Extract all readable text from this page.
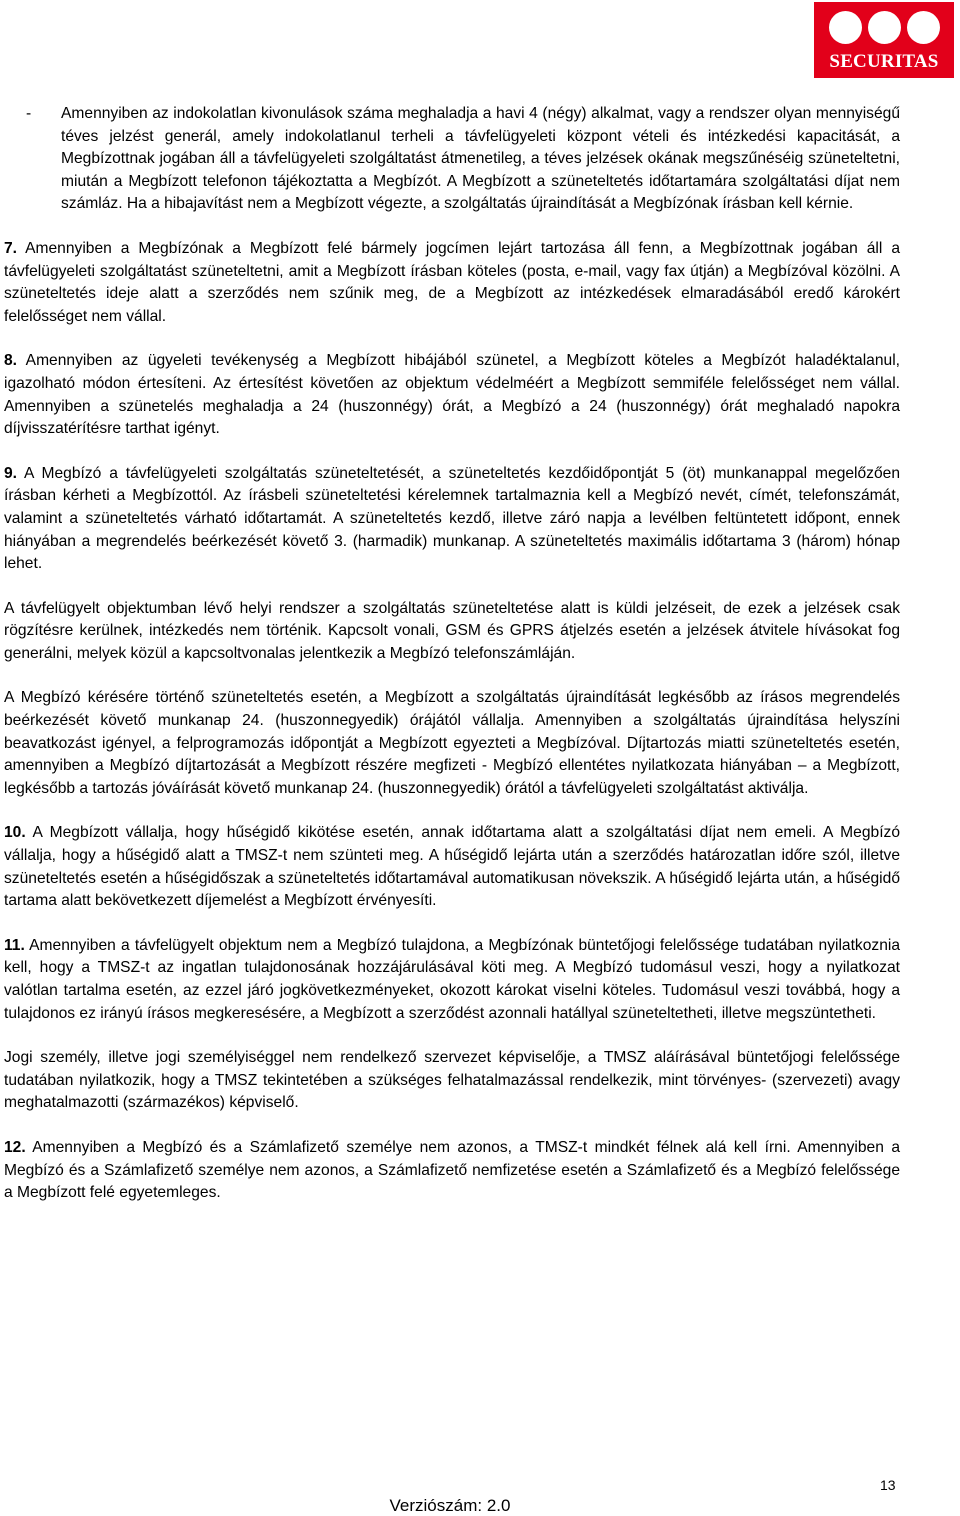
SECURITAS
- Amennyiben az indokolatlan kivonulások száma meghaladja a havi 4 (négy) alkalmat, vagy a rendszer olyan mennyiségű téves jelzést generál, amely indokolatlanul terheli a távfelügyeleti központ vételi és intézkedési kapacitását, a Megbízottnak jogában áll a távfelügyeleti szolgáltatást átmenetileg, a téves jelzések okának megszűnéséig szüneteltetni, miután a Megbízott telefonon tájékoztatta a Megbízót. A Megbízott a szüneteltetés időtartamára szolgáltatási díjat nem számláz. Ha a hibajavítást nem a Megbízott végezte, a szolgáltatás újraindítását a Megbízónak írásban kell kérnie.

7. Amennyiben a Megbízónak a Megbízott felé bármely jogcímen lejárt tartozása áll fenn, a Megbízottnak jogában áll a távfelügyeleti szolgáltatást szüneteltetni, amit a Megbízott írásban köteles (posta, e-mail, vagy fax útján) a Megbízóval közölni. A szüneteltetés ideje alatt a szerződés nem szűnik meg, de a Megbízott az intézkedések elmaradásából eredő károkért felelősséget nem vállal.

8. Amennyiben az ügyeleti tevékenység a Megbízott hibájából szünetel, a Megbízott köteles a Megbízót haladéktalanul, igazolható módon értesíteni. Az értesítést követően az objektum védelméért a Megbízott semmiféle felelősséget nem vállal. Amennyiben a szünetelés meghaladja a 24 (huszonnégy) órát, a Megbízó a 24 (huszonnégy) órát meghaladó napokra díjvisszatérítésre tarthat igényt.

9. A Megbízó a távfelügyeleti szolgáltatás szüneteltetését, a szüneteltetés kezdőidőpontját 5 (öt) munkanappal megelőzően írásban kérheti a Megbízottól. Az írásbeli szüneteltetési kérelemnek tartalmaznia kell a Megbízó nevét, címét, telefonszámát, valamint a szüneteltetés várható időtartamát. A szüneteltetés kezdő, illetve záró napja a levélben feltüntetett időpont, ennek hiányában a megrendelés beérkezését követő 3. (harmadik) munkanap. A szüneteltetés maximális időtartama 3 (három) hónap lehet.

A távfelügyelt objektumban lévő helyi rendszer a szolgáltatás szüneteltetése alatt is küldi jelzéseit, de ezek a jelzések csak rögzítésre kerülnek, intézkedés nem történik. Kapcsolt vonali, GSM és GPRS átjelzés esetén a jelzések átvitele hívásokat fog generálni, melyek közül a kapcsoltvonalas jelentkezik a Megbízó telefonszámláján.

A Megbízó kérésére történő szüneteltetés esetén, a Megbízott a szolgáltatás újraindítását legkésőbb az írásos megrendelés beérkezését követő munkanap 24. (huszonnegyedik) órájától vállalja. Amennyiben a szolgáltatás újraindítása helyszíni beavatkozást igényel, a felprogramozás időpontját a Megbízott egyezteti a Megbízóval. Díjtartozás miatti szüneteltetés esetén, amennyiben a Megbízó díjtartozását a Megbízott részére megfizeti - Megbízó ellentétes nyilatkozata hiányában – a Megbízott, legkésőbb a tartozás jóváírását követő munkanap 24. (huszonnegyedik) órától a távfelügyeleti szolgáltatást aktiválja.

10. A Megbízott vállalja, hogy hűségidő kikötése esetén, annak időtartama alatt a szolgáltatási díjat nem emeli. A Megbízó vállalja, hogy a hűségidő alatt a TMSZ-t nem szünteti meg. A hűségidő lejárta után a szerződés határozatlan időre szól, illetve szüneteltetés esetén a hűségidőszak a szüneteltetés időtartamával automatikusan növekszik. A hűségidő lejárta után, a hűségidő tartama alatt bekövetkezett díjemelést a Megbízott érvényesíti.

11. Amennyiben a távfelügyelt objektum nem a Megbízó tulajdona, a Megbízónak büntetőjogi felelőssége tudatában nyilatkoznia kell, hogy a TMSZ-t az ingatlan tulajdonosának hozzájárulásával köti meg. A Megbízó tudomásul veszi, hogy a nyilatkozat valótlan tartalma esetén, az ezzel járó jogkövetkezményeket, okozott károkat viselni köteles. Tudomásul veszi továbbá, hogy a tulajdonos ez irányú írásos megkeresésére, a Megbízott a szerződést azonnali hatállyal szüneteltetheti, illetve megszüntetheti.

Jogi személy, illetve jogi személyiséggel nem rendelkező szervezet képviselője, a TMSZ aláírásával büntetőjogi felelőssége tudatában nyilatkozik, hogy a TMSZ tekintetében a szükséges felhatalmazással rendelkezik, mint törvényes- (szervezeti) avagy meghatalmazotti (származékos) képviselő.

12. Amennyiben a Megbízó és a Számlafizető személye nem azonos, a TMSZ-t mindkét félnek alá kell írni. Amennyiben a Megbízó és a Számlafizető személye nem azonos, a Számlafizető nemfizetése esetén a Számlafizető és a Megbízó felelőssége a Megbízott felé egyetemleges.

13
Verziószám: 2.0
